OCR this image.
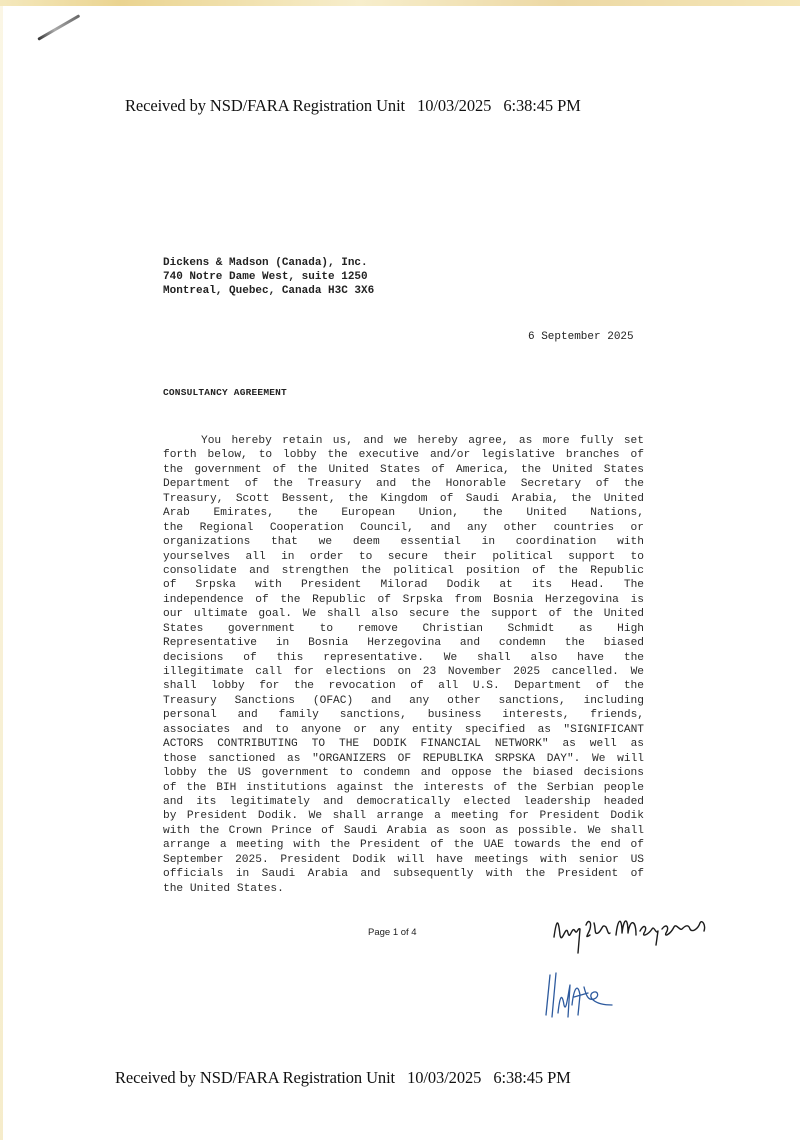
Received by NSD/FARA Registration Unit   10/03/2025   6:38:45 PM
Dickens & Madson (Canada), Inc.
740 Notre Dame West, suite 1250
Montreal, Quebec, Canada H3C 3X6
6 September 2025
CONSULTANCY AGREEMENT
You hereby retain us, and we hereby agree, as more fully set
forth below, to lobby the executive and/or legislative branches of
the government of the United States of America, the United States
Department of the Treasury and the Honorable Secretary of the
Treasury, Scott Bessent, the Kingdom of Saudi Arabia, the United
Arab Emirates, the European Union, the United Nations,
the Regional Cooperation Council, and any other countries or
organizations that we deem essential in coordination with
yourselves all in order to secure their political support to
consolidate and strengthen the political position of the Republic
of Srpska with President Milorad Dodik at its Head. The
independence of the Republic of Srpska from Bosnia Herzegovina is
our ultimate goal. We shall also secure the support of the United
States government to remove Christian Schmidt as High
Representative in Bosnia Herzegovina and condemn the biased
decisions of this representative. We shall also have the
illegitimate call for elections on 23 November 2025 cancelled. We
shall lobby for the revocation of all U.S. Department of the
Treasury Sanctions (OFAC) and any other sanctions, including
personal and family sanctions, business interests, friends,
associates and to anyone or any entity specified as "SIGNIFICANT
ACTORS CONTRIBUTING TO THE DODIK FINANCIAL NETWORK" as well as
those sanctioned as "ORGANIZERS OF REPUBLIKA SRPSKA DAY". We will
lobby the US government to condemn and oppose the biased decisions
of the BIH institutions against the interests of the Serbian people
and its legitimately and democratically elected leadership headed
by President Dodik. We shall arrange a meeting for President Dodik
with the Crown Prince of Saudi Arabia as soon as possible. We shall
arrange a meeting with the President of the UAE towards the end of
September 2025. President Dodik will have meetings with senior US
officials in Saudi Arabia and subsequently with the President of
the United States.
Page 1 of 4
Received by NSD/FARA Registration Unit   10/03/2025   6:38:45 PM
